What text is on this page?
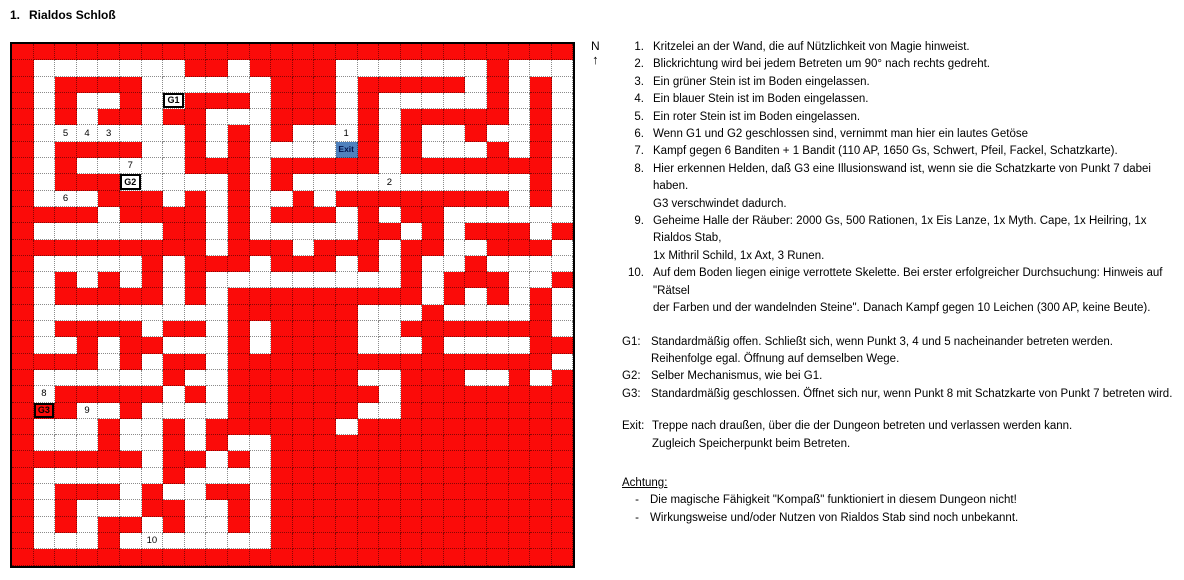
1. Rialdos Schloß
N
↑
G1
5	4	3	1
Exit
7
G2	2
6
8
G3	9
10
1. Kritzelei an der Wand, die auf Nützlichkeit von Magie hinweist.
2. Blickrichtung wird bei jedem Betreten um 90° nach rechts gedreht.
3. Ein grüner Stein ist im Boden eingelassen.
4. Ein blauer Stein ist im Boden eingelassen.
5. Ein roter Stein ist im Boden eingelassen.
6. Wenn G1 und G2 geschlossen sind, vernimmt man hier ein lautes Getöse
7. Kampf gegen 6 Banditen + 1 Bandit (110 AP, 1650 Gs, Schwert, Pfeil, Fackel, Schatzkarte).
8. Hier erkennen Helden, daß G3 eine Illusionswand ist, wenn sie die Schatzkarte von Punkt 7 dabei haben.
G3 verschwindet dadurch.
9. Geheime Halle der Räuber: 2000 Gs, 500 Rationen, 1x Eis Lanze, 1x Myth. Cape, 1x Heilring, 1x Rialdos Stab,
1x Mithril Schild, 1x Axt, 3 Runen.
10. Auf dem Boden liegen einige verrottete Skelette. Bei erster erfolgreicher Durchsuchung: Hinweis auf "Rätsel
der Farben und der wandelnden Steine". Danach Kampf gegen 10 Leichen (300 AP, keine Beute).
G1: Standardmäßig offen. Schließt sich, wenn Punkt 3, 4 und 5 nacheinander betreten werden.
Reihenfolge egal. Öffnung auf demselben Wege.
G2: Selber Mechanismus, wie bei G1.
G3: Standardmäßig geschlossen. Öffnet sich nur, wenn Punkt 8 mit Schatzkarte von Punkt 7 betreten wird.
Exit: Treppe nach draußen, über die der Dungeon betreten und verlassen werden kann.
Zugleich Speicherpunkt beim Betreten.
Achtung:
- Die magische Fähigkeit "Kompaß" funktioniert in diesem Dungeon nicht!
- Wirkungsweise und/oder Nutzen von Rialdos Stab sind noch unbekannt.
